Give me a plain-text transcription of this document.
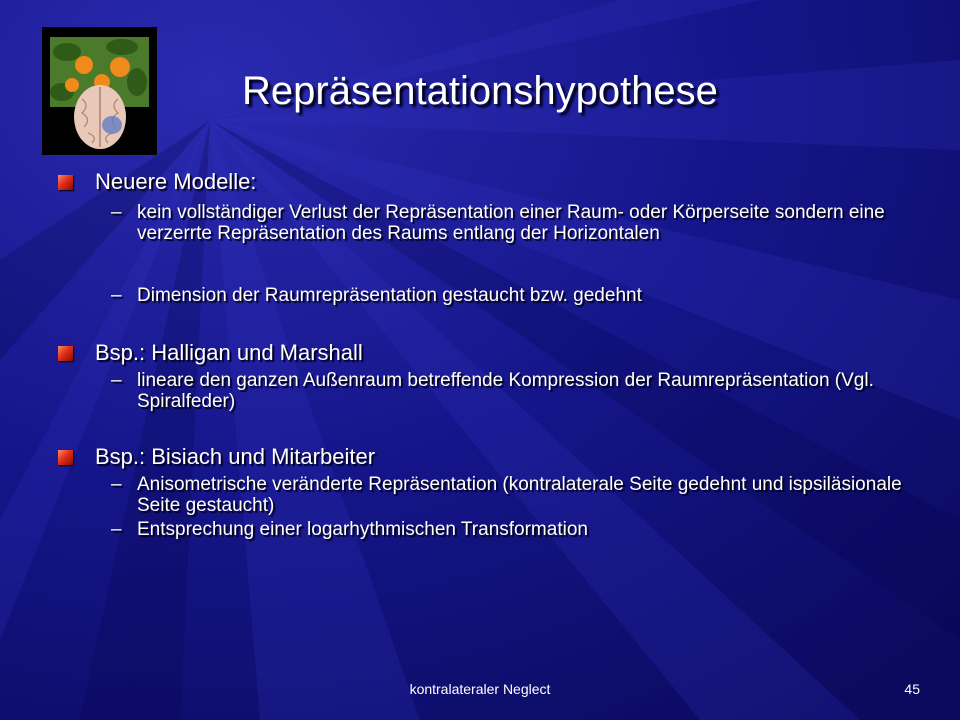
Repräsentationshypothese
Neuere Modelle:
– kein vollständiger Verlust der Repräsentation einer Raum- oder Körperseite sondern eine verzerrte Repräsentation des Raums entlang der Horizontalen
– Dimension der Raumrepräsentation gestaucht bzw. gedehnt
Bsp.: Halligan und Marshall
– lineare den ganzen Außenraum betreffende Kompression der Raumrepräsentation (Vgl. Spiralfeder)
Bsp.: Bisiach und Mitarbeiter
– Anisometrische veränderte Repräsentation (kontralaterale Seite gedehnt und ispsiläsionale Seite gestaucht)
– Entsprechung einer logarhythmischen Transformation
kontralateraler Neglect	45
